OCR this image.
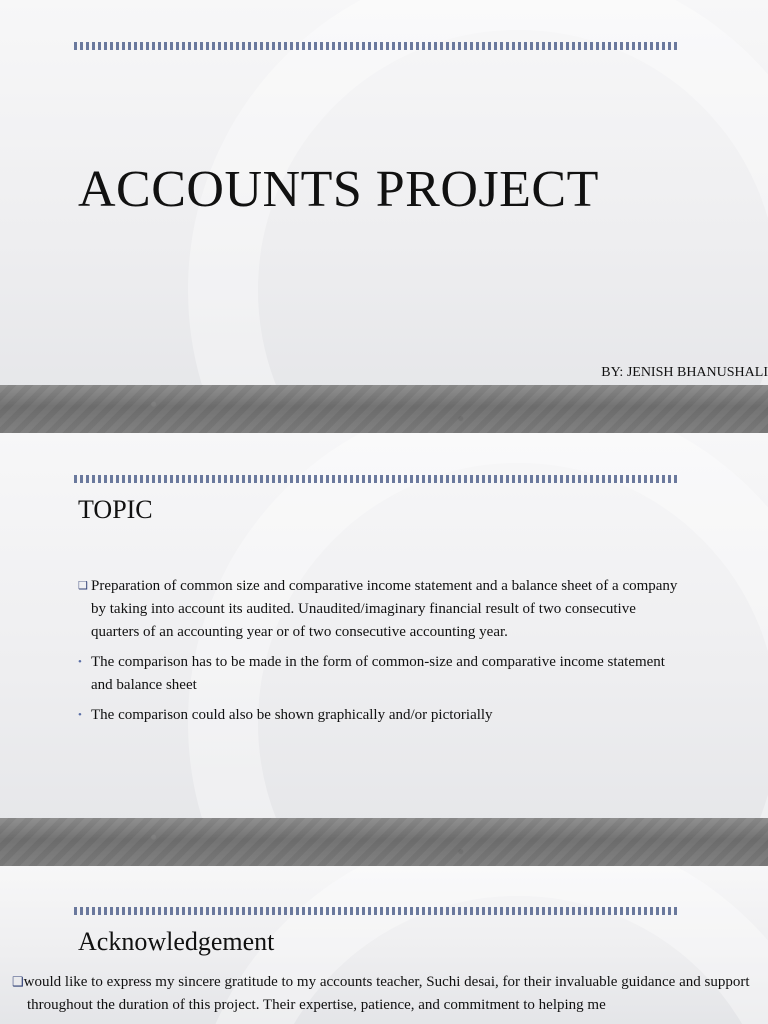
ACCOUNTS PROJECT
BY: JENISH BHANUSHALI
TOPIC
❑ Preparation of common size and comparative income statement and a balance sheet of a company by taking into account its audited. Unaudited/imaginary financial result of two consecutive quarters of an accounting year or of two consecutive accounting year.
• The comparison has to be made in the form of common-size and comparative income statement and balance sheet
• The comparison could also be shown graphically and/or pictorially
Acknowledgement

❑would like to express my sincere gratitude to my accounts teacher, Suchi desai, for their invaluable guidance and support throughout the duration of this project. Their expertise, patience, and commitment to helping me
